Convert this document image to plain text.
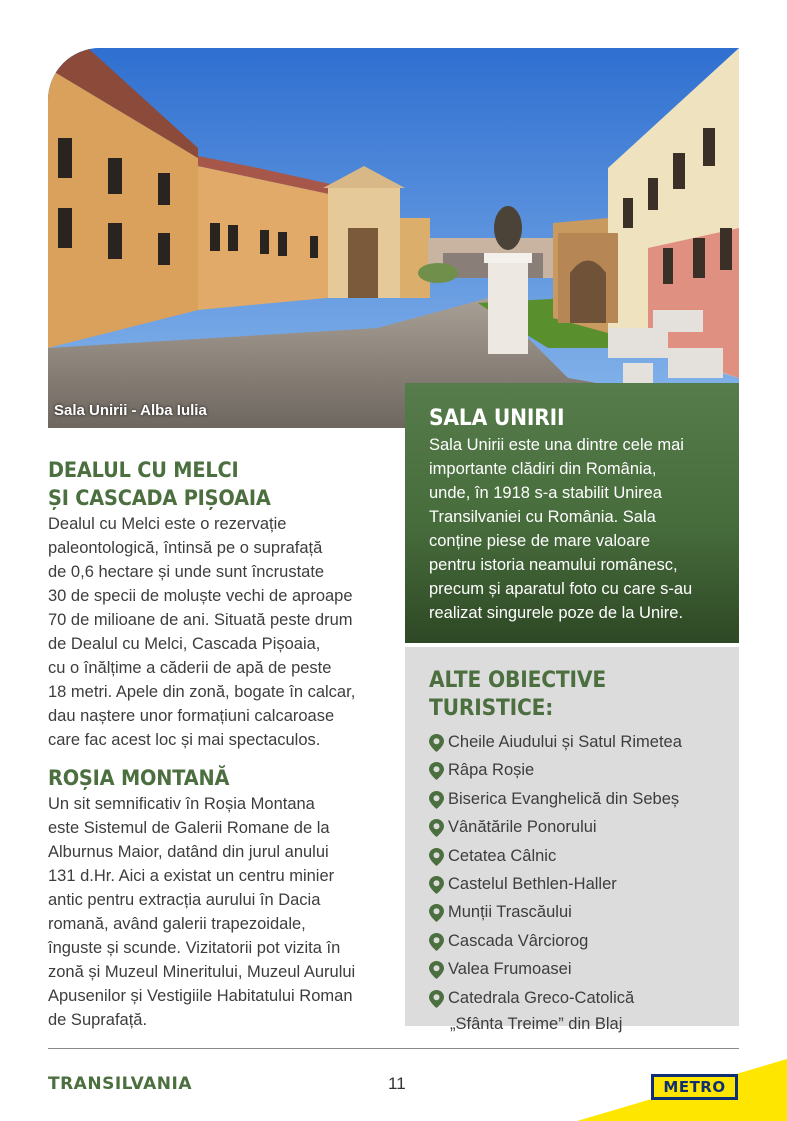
Sala Unirii - Alba Iulia
DEALUL CU MELCI
ȘI CASCADA PIȘOAIA

Dealul cu Melci este o rezervație
paleontologică, întinsă pe o suprafață
de 0,6 hectare și unde sunt încrustate
30 de specii de moluște vechi de aproape
70 de milioane de ani. Situată peste drum
de Dealul cu Melci, Cascada Pișoaia,
cu o înălțime a căderii de apă de peste
18 metri. Apele din zonă, bogate în calcar,
dau naștere unor formațiuni calcaroase
care fac acest loc și mai spectaculos.

ROȘIA MONTANĂ

Un sit semnificativ în Roșia Montana
este Sistemul de Galerii Romane de la
Alburnus Maior, datând din jurul anului
131 d.Hr. Aici a existat un centru minier
antic pentru extracția aurului în Dacia
romană, având galerii trapezoidale,
înguste și scunde. Vizitatorii pot vizita în
zonă și Muzeul Mineritului, Muzeul Aurului
Apusenilor și Vestigiile Habitatului Roman
de Suprafață.

SALA UNIRII

Sala Unirii este una dintre cele mai
importante clădiri din România,
unde, în 1918 s-a stabilit Unirea
Transilvaniei cu România. Sala
conține piese de mare valoare
pentru istoria neamului românesc,
precum și aparatul foto cu care s-au
realizat singurele poze de la Unire.

ALTE OBIECTIVE TURISTICE:
Cheile Aiudului și Satul Rimetea
Râpa Roșie
Biserica Evanghelică din Sebeș
Vânătările Ponorului
Cetatea Câlnic
Castelul Bethlen-Haller
Munții Trascăului
Cascada Vârciorog
Valea Frumoasei
Catedrala Greco-Catolică
„Sfânta Treime” din Blaj
TRANSILVANIA	11	METRO
